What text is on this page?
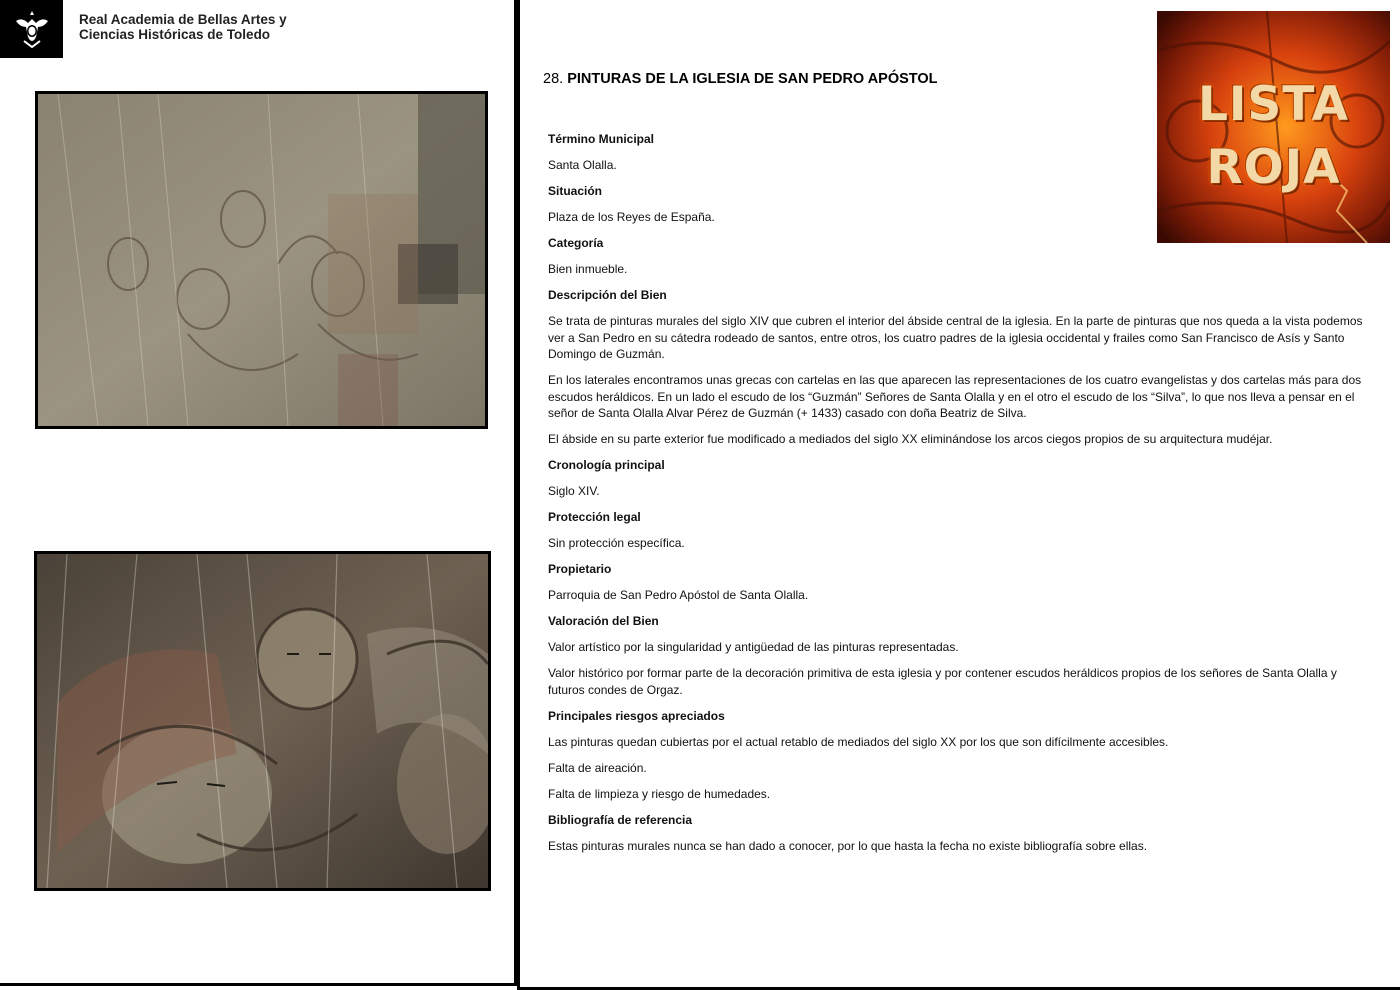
Real Academia de Bellas Artes y
Ciencias Históricas de Toledo
28. PINTURAS DE LA IGLESIA DE SAN PEDRO APÓSTOL	LISTA
ROJA
Término Municipal
Santa Olalla.
Situación
Plaza de los Reyes de España.
Categoría
Bien inmueble.
Descripción del Bien
Se trata de pinturas murales del siglo XIV que cubren el interior del ábside central de la iglesia. En la parte de pinturas que nos queda a la vista podemos ver a San Pedro en su cátedra rodeado de santos, entre otros, los cuatro padres de la iglesia occidental y frailes como San Francisco de Asís y Santo Domingo de Guzmán.
En los laterales encontramos unas grecas con cartelas en las que aparecen las representaciones de los cuatro evangelistas y dos cartelas más para dos escudos heráldicos. En un lado el escudo de los “Guzmán” Señores de Santa Olalla y en el otro el escudo de los “Silva”, lo que nos lleva a pensar en el señor de Santa Olalla Alvar Pérez de Guzmán (+ 1433) casado con doña Beatriz de Silva.
El ábside en su parte exterior fue modificado a mediados del siglo XX eliminándose los arcos ciegos propios de su arquitectura mudéjar.
Cronología principal
Siglo XIV.
Protección legal
Sin protección específica.
Propietario
Parroquia de San Pedro Apóstol de Santa Olalla.
Valoración del Bien
Valor artístico por la singularidad y antigüedad de las pinturas representadas.
Valor histórico por formar parte de la decoración primitiva de esta iglesia y por contener escudos heráldicos propios de los señores de Santa Olalla y futuros condes de Orgaz.
Principales riesgos apreciados
Las pinturas quedan cubiertas por el actual retablo de mediados del siglo XX por los que son difícilmente accesibles.
Falta de aireación.
Falta de limpieza y riesgo de humedades.
Bibliografía de referencia
Estas pinturas murales nunca se han dado a conocer, por lo que hasta la fecha no existe bibliografía sobre ellas.
